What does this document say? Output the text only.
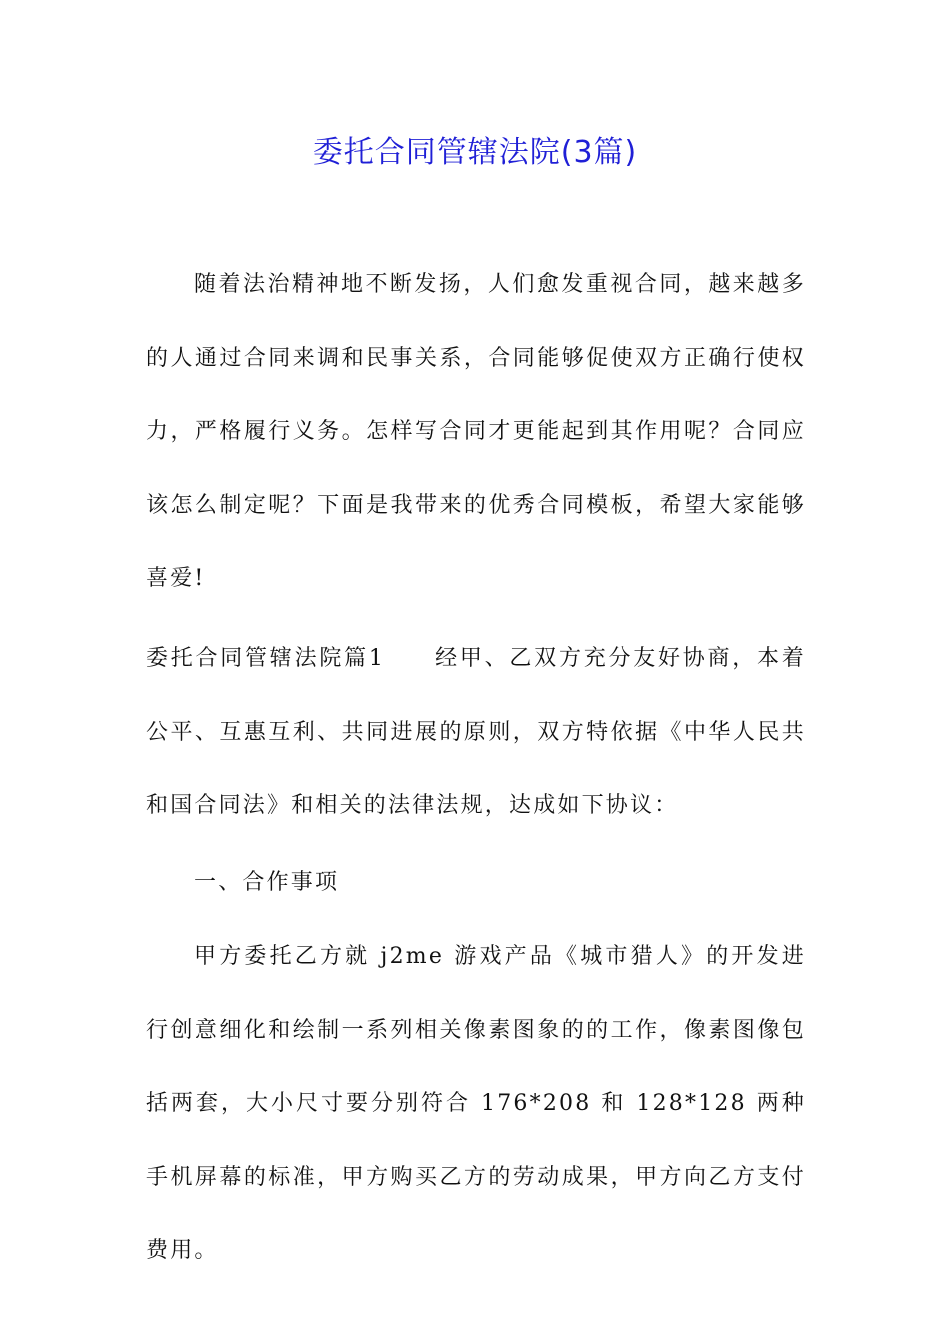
委托合同管辖法院(3篇)
随着法治精神地不断发扬，人们愈发重视合同，越来越多的人通过合同来调和民事关系，合同能够促使双方正确行使权力，严格履行义务。怎样写合同才更能起到其作用呢？合同应该怎么制定呢？下面是我带来的优秀合同模板，希望大家能够喜爱!
委托合同管辖法院篇1　　经甲、乙双方充分友好协商，本着公平、互惠互利、共同进展的原则，双方特依据《中华人民共和国合同法》和相关的法律法规，达成如下协议：
一、合作事项
甲方委托乙方就 j2me 游戏产品《城市猎人》的开发进行创意细化和绘制一系列相关像素图象的的工作，像素图像包括两套，大小尺寸要分别符合 176*208 和 128*128 两种手机屏幕的标准，甲方购买乙方的劳动成果，甲方向乙方支付费用。
